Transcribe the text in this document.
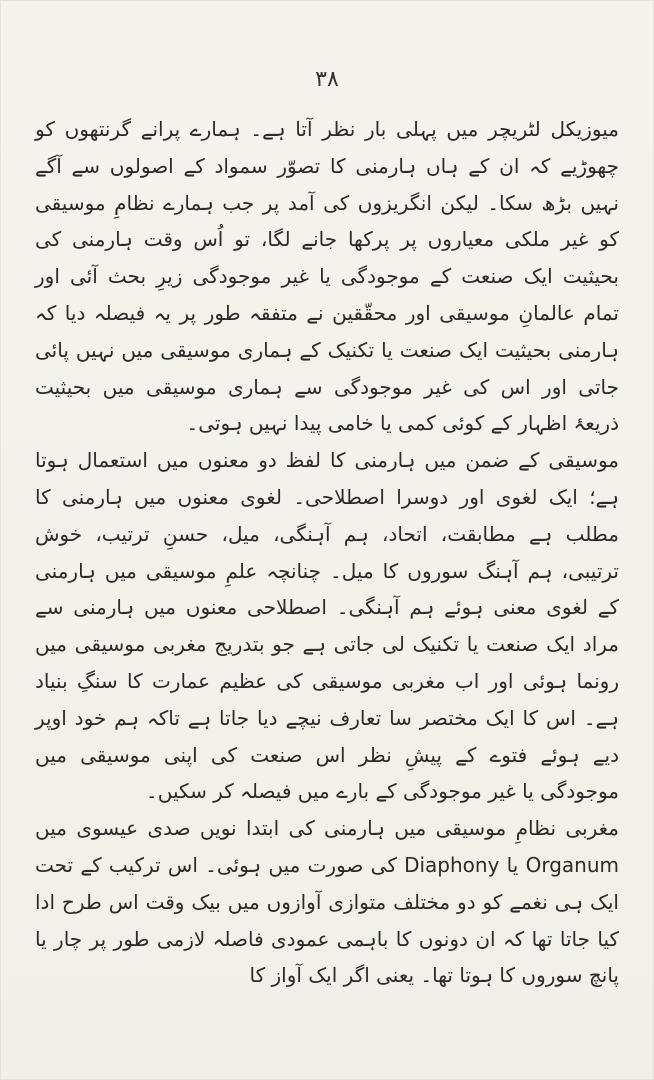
۳۸

میوزیکل لٹریچر میں پہلی بار نظر آتا ہے۔ ہمارے پرانے گرنتھوں کو چھوڑیے کہ ان کے ہاں ہارمنی کا تصوّر سمواد کے اصولوں سے آگے نہیں بڑھ سکا۔ لیکن انگریزوں کی آمد پر جب ہمارے نظامِ موسیقی کو غیر ملکی معیاروں پر پرکھا جانے لگا، تو اُس وقت ہارمنی کی بحیثیت ایک صنعت کے موجودگی یا غیر موجودگی زیرِ بحث آئی اور تمام عالمانِ موسیقی اور محقّقین نے متفقہ طور پر یہ فیصلہ دیا کہ ہارمنی بحیثیت ایک صنعت یا تکنیک کے ہماری موسیقی میں نہیں پائی جاتی اور اس کی غیر موجودگی سے ہماری موسیقی میں بحیثیت ذریعۂ اظہار کے کوئی کمی یا خامی پیدا نہیں ہوتی۔

موسیقی کے ضمن میں ہارمنی کا لفظ دو معنوں میں استعمال ہوتا ہے؛ ایک لغوی اور دوسرا اصطلاحی۔ لغوی معنوں میں ہارمنی کا مطلب ہے مطابقت، اتحاد، ہم آہنگی، میل، حسنِ ترتیب، خوش ترتیبی، ہم آہنگ سوروں کا میل۔ چنانچہ علمِ موسیقی میں ہارمنی کے لغوی معنی ہوئے ہم آہنگی۔ اصطلاحی معنوں میں ہارمنی سے مراد ایک صنعت یا تکنیک لی جاتی ہے جو بتدریج مغربی موسیقی میں رونما ہوئی اور اب مغربی موسیقی کی عظیم عمارت کا سنگِ بنیاد ہے۔ اس کا ایک مختصر سا تعارف نیچے دیا جاتا ہے تاکہ ہم خود اوپر دیے ہوئے فتوے کے پیشِ نظر اس صنعت کی اپنی موسیقی میں موجودگی یا غیر موجودگی کے بارے میں فیصلہ کر سکیں۔

مغربی نظامِ موسیقی میں ہارمنی کی ابتدا نویں صدی عیسوی میں Organum یا Diaphony کی صورت میں ہوئی۔ اس ترکیب کے تحت ایک ہی نغمے کو دو مختلف متوازی آوازوں میں بیک وقت اس طرح ادا کیا جاتا تھا کہ ان دونوں کا باہمی عمودی فاصلہ لازمی طور پر چار یا پانچ سوروں کا ہوتا تھا۔ یعنی اگر ایک آواز کا
